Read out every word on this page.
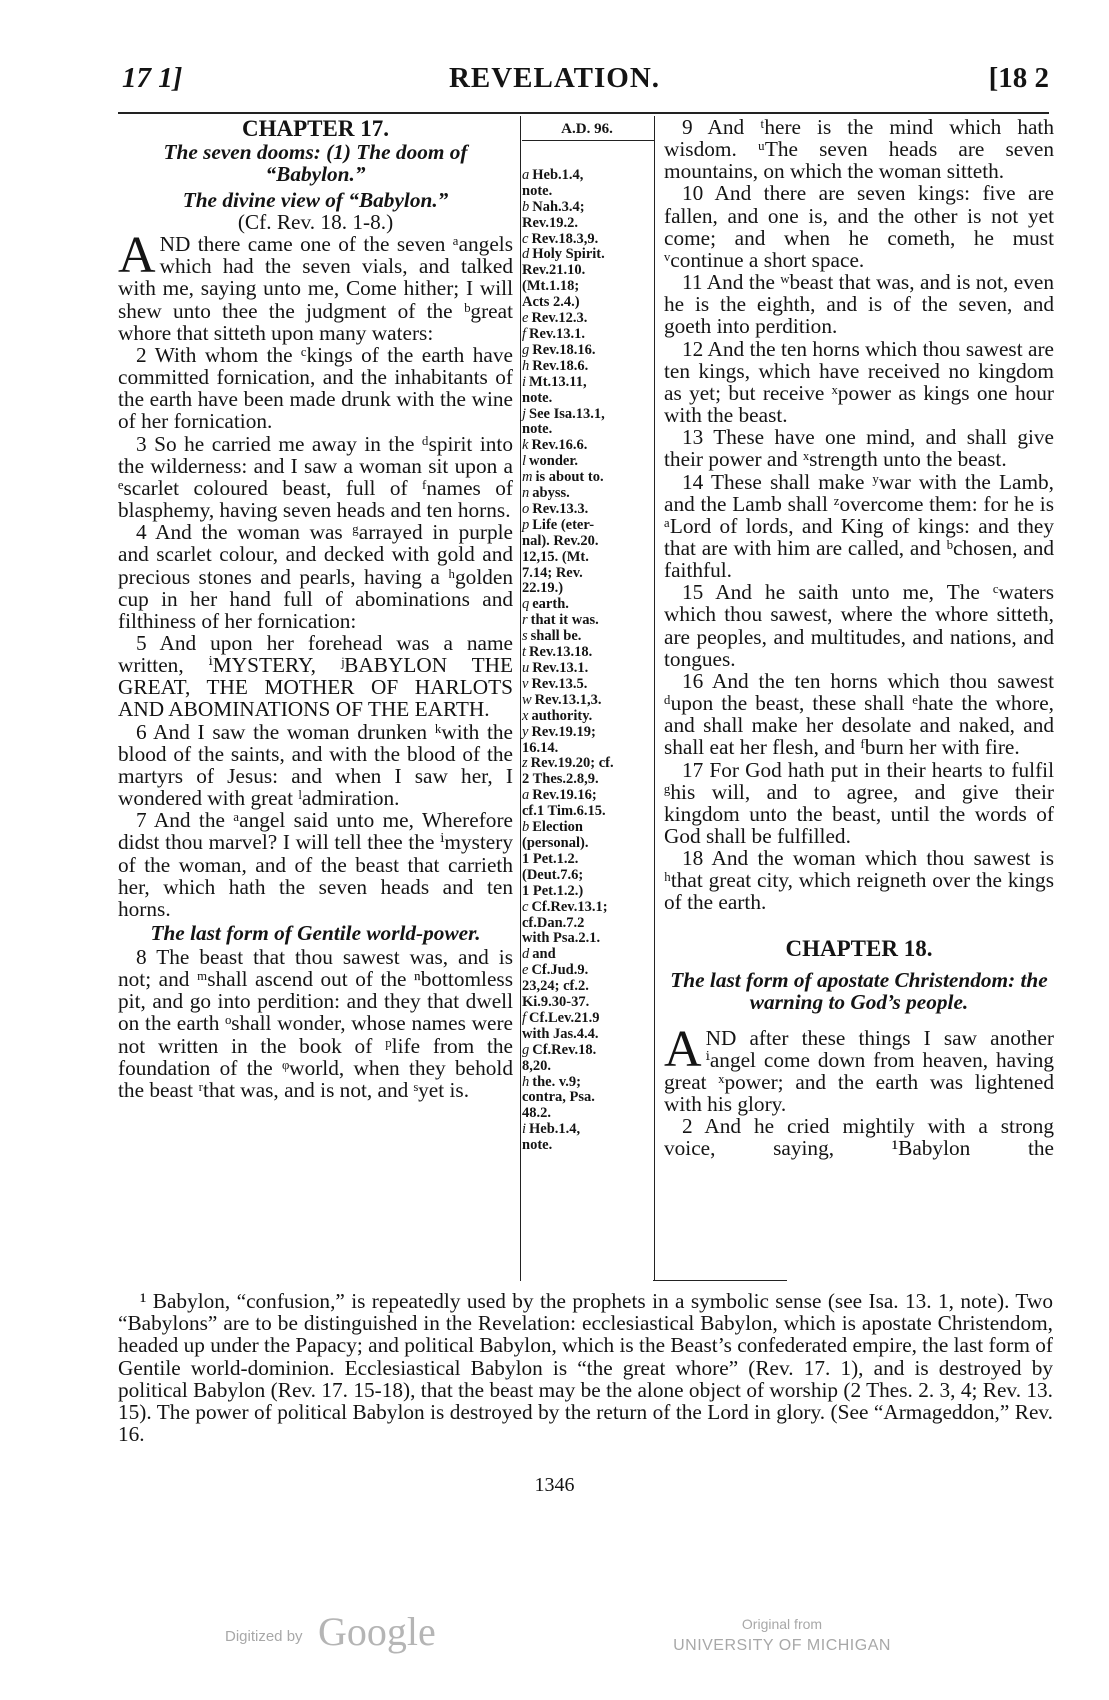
17 1]	REVELATION.	[18 2
CHAPTER 17.
The seven dooms: (1) The doom of “Babylon.”
The divine view of “Babylon.”
(Cf. Rev. 18. 1-8.)

AND there came one of the seven ᵃangels which had the seven vials, and talked with me, saying unto me, Come hither; I will shew unto thee the judgment of the ᵇgreat whore that sitteth upon many waters:

2 With whom the ᶜkings of the earth have committed fornication, and the inhabitants of the earth have been made drunk with the wine of her fornication.

3 So he carried me away in the ᵈspirit into the wilderness: and I saw a woman sit upon a ᵉscarlet coloured beast, full of ᶠnames of blasphemy, having seven heads and ten horns.

4 And the woman was ᵍarrayed in purple and scarlet colour, and decked with gold and precious stones and pearls, having a ʰgolden cup in her hand full of abominations and filthiness of her fornication:

5 And upon her forehead was a name written, ⁱMYSTERY, ʲBABYLON THE GREAT, THE MOTHER OF HARLOTS AND ABOMINATIONS OF THE EARTH.

6 And I saw the woman drunken ᵏwith the blood of the saints, and with the blood of the martyrs of Jesus: and when I saw her, I wondered with great ˡadmiration.

7 And the ᵃangel said unto me, Wherefore didst thou marvel? I will tell thee the ⁱmystery of the woman, and of the beast that carrieth her, which hath the seven heads and ten horns.

The last form of Gentile world-power.

8 The beast that thou sawest was, and is not; and ᵐshall ascend out of the ⁿbottomless pit, and go into perdition: and they that dwell on the earth ᵒshall wonder, whose names were not written in the book of ᵖlife from the foundation of the ᵠworld, when they behold the beast ʳthat was, and is not, and ˢyet is.

A.D. 96.

a Heb.1.4,
note.

b Nah.3.4;
Rev.19.2.

c Rev.18.3,9.

d Holy Spirit.
Rev.21.10.
(Mt.1.18;
Acts 2.4.)

e Rev.12.3.

f Rev.13.1.

g Rev.18.16.

h Rev.18.6.

i Mt.13.11,
note.

j See Isa.13.1,
note.

k Rev.16.6.

l wonder.

m is about to.

n abyss.

o Rev.13.3.

p Life (eter-
nal). Rev.20.
12,15. (Mt.
7.14; Rev.
22.19.)

q earth.

r that it was.

s shall be.

t Rev.13.18.

u Rev.13.1.

v Rev.13.5.

w Rev.13.1,3.

x authority.

y Rev.19.19;
16.14.

z Rev.19.20; cf.
2 Thes.2.8,9.

a Rev.19.16;
cf.1 Tim.6.15.

b Election
(personal).
1 Pet.1.2.
(Deut.7.6;
1 Pet.1.2.)

c Cf.Rev.13.1;
cf.Dan.7.2
with Psa.2.1.

d and

e Cf.Jud.9.
23,24; cf.2.
Ki.9.30-37.

f Cf.Lev.21.9
with Jas.4.4.

g Cf.Rev.18.
8,20.

h the. v.9;
contra, Psa.
48.2.

i Heb.1.4,
note.

9 And ᵗhere is the mind which hath wisdom. ᵘThe seven heads are seven mountains, on which the woman sitteth.

10 And there are seven kings: five are fallen, and one is, and the other is not yet come; and when he cometh, he must ᵛcontinue a short space.

11 And the ʷbeast that was, and is not, even he is the eighth, and is of the seven, and goeth into perdition.

12 And the ten horns which thou sawest are ten kings, which have received no kingdom as yet; but receive ˣpower as kings one hour with the beast.

13 These have one mind, and shall give their power and ˣstrength unto the beast.

14 These shall make ʸwar with the Lamb, and the Lamb shall ᶻovercome them: for he is ᵃLord of lords, and King of kings: and they that are with him are called, and ᵇchosen, and faithful.

15 And he saith unto me, The ᶜwaters which thou sawest, where the whore sitteth, are peoples, and multitudes, and nations, and tongues.

16 And the ten horns which thou sawest ᵈupon the beast, these shall ᵉhate the whore, and shall make her desolate and naked, and shall eat her flesh, and ᶠburn her with fire.

17 For God hath put in their hearts to fulfil ᵍhis will, and to agree, and give their kingdom unto the beast, until the words of God shall be fulfilled.

18 And the woman which thou sawest is ʰthat great city, which reigneth over the kings of the earth.

CHAPTER 18.
The last form of apostate Christendom: the warning to God’s people.

AND after these things I saw another ⁱangel come down from heaven, having great ˣpower; and the earth was lightened with his glory.

2 And he cried mightily with a strong voice, saying, ¹Babylon the

¹ Babylon, “confusion,” is repeatedly used by the prophets in a symbolic sense (see Isa. 13. 1, note). Two “Babylons” are to be distinguished in the Revelation: ecclesiastical Babylon, which is apostate Christendom, headed up under the Papacy; and political Babylon, which is the Beast’s confederated empire, the last form of Gentile world-dominion. Ecclesiastical Babylon is “the great whore” (Rev. 17. 1), and is destroyed by political Babylon (Rev. 17. 15-18), that the beast may be the alone object of worship (2 Thes. 2. 3, 4; Rev. 13. 15). The power of political Babylon is destroyed by the return of the Lord in glory. (See “Armageddon,” Rev. 16.
1346
Digitized by Google	Original from
UNIVERSITY OF MICHIGAN
